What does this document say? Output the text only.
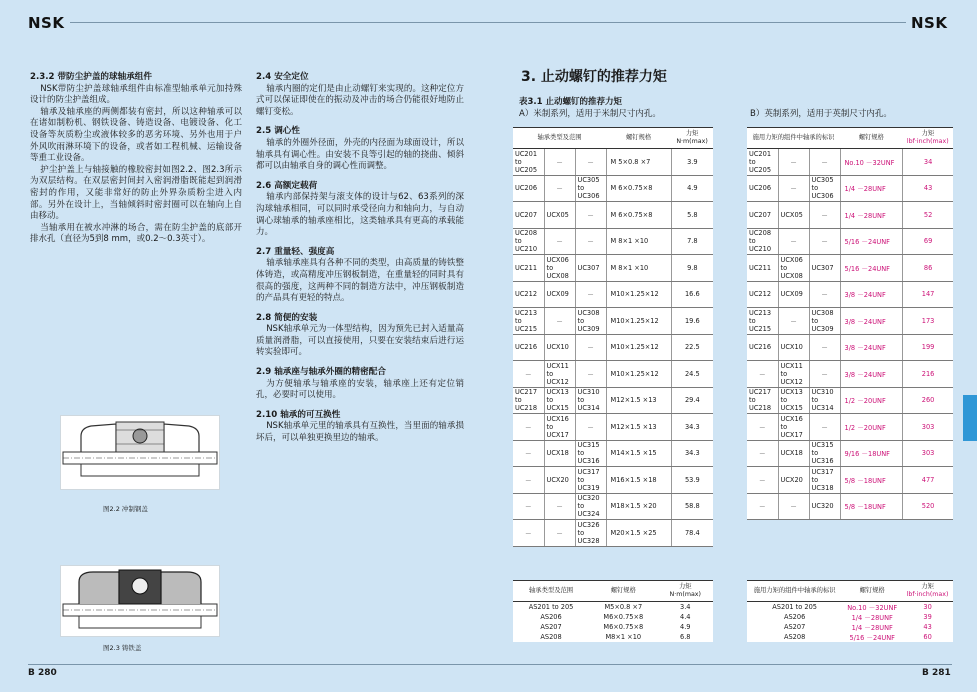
NSK	NSK
2.3.2 带防尘护盖的球轴承组件

NSK带防尘护盖球轴承组件由标准型轴承单元加持殊设计的防尘护盖组成。

轴承及轴承座的两侧都装有密封，所以这种轴承可以在诸如制粉机、钢铁设备、铸造设备、电镀设备、化工设备等灰质粉尘或液体较多的恶劣环境、另外也用于户外风吹雨淋环境下的设备，或者如工程机械、运输设备等重工业设备。

护尘护盖上与轴接触的橡胶密封如图2.2、图2.3所示为双层结构。在双层密封间封入密润滑脂既能起到润滑密封的作用，又能非常好的防止外界杂质粉尘进入内部。另外在设计上，当轴倾斜时密封圈可以在轴向上自由移动。

当轴承用在被水冲淋的场合，需在防尘护盖的底部开排水孔（直径为5到8 mm，或0.2～0.3英寸）。

图2.2 冲制钢盖
图2.3 铸铁盖
2.4 安全定位

轴承内圈的定们是由止动螺钉来实现的。这种定位方式可以保证即使在的振动及冲击的场合仍能很好地防止螺钉变松。

2.5 调心性

轴承的外圈外径面，外壳的内径面为球面设计，所以轴承具有调心性。由安装不良等引起的轴的挠曲、倾斜都可以由轴承自身的调心性而调整。

2.6 高额定载荷

轴承内部保持架与滚支体的设计与62、63系列的深沟球轴承相同，可以同时承受径向力和轴向力，与自动调心球轴承的轴承座相比，这类轴承具有更高的承载能力。

2.7 重量轻、强度高

轴承轴承座具有各种不同的类型，由高质量的铸铁整体铸造，或高精度冲压钢板制造，在重量轻的同时具有很高的强度，这两种不同的制造方法中，冲压钢板制造的产品具有更轻的特点。

2.8 简便的安装

NSK轴承单元为一体型结构，因为预先已封入适量高质量润滑脂，可以直接使用，只要在安装结束后进行运转实验即可。

2.9 轴承座与轴承外圈的精密配合

为方便轴承与轴承座的安装，轴承座上还有定位销孔，必要时可以使用。

2.10 轴承的可互换性

NSK轴承单元里的轴承具有互换性，当里面的轴承损坏后，可以单独更换里边的轴承。

3. 止动螺钉的推荐力矩
表3.1 止动螺钉的推荐力矩
A）米制系列，适用于米制尺寸内孔。	B）英制系列，适用于英制尺寸内孔。
轴承类型及范围			螺钉规格	力矩
N·m(max)

UC201 to
UC205	－	－	M 5×0.8 ×7	3.9
UC206	－	UC305 to
UC306	M 6×0.75×8	4.9
UC207	UCX05	－	M 6×0.75×8	5.8
UC208 to
UC210	－	－	M 8×1 ×10	7.8
UC211	UCX06 to
UCX08	UC307	M 8×1 ×10	9.8
UC212	UCX09	－	M10×1.25×12	16.6
UC213 to
UC215	－	UC308 to
UC309	M10×1.25×12	19.6
UC216	UCX10	－	M10×1.25×12	22.5
－	UCX11 to
UCX12	－	M10×1.25×12	24.5
UC217 to
UC218	UCX13 to
UCX15	UC310 to
UC314	M12×1.5 ×13	29.4
－	UCX16 to
UCX17	－	M12×1.5 ×13	34.3
－	UCX18	UC315 to
UC316	M14×1.5 ×15	34.3
－	UCX20	UC317 to
UC319	M16×1.5 ×18	53.9
－	－	UC320 to
UC324	M18×1.5 ×20	58.8
－	－	UC326 to
UC328	M20×1.5 ×25	78.4
施用力矩的组件中轴承的标识			螺钉规格	力矩
lbf·inch(max)

UC201 to
UC205	－	－	No.10 －32UNF	34
UC206	－	UC305 to
UC306	1/4 －28UNF	43
UC207	UCX05	－	1/4 －28UNF	52
UC208 to
UC210	－	－	5/16 －24UNF	69
UC211	UCX06 to
UCX08	UC307	5/16 －24UNF	86
UC212	UCX09	－	3/8 －24UNF	147
UC213 to
UC215	－	UC308 to
UC309	3/8 －24UNF	173
UC216	UCX10	－	3/8 －24UNF	199
－	UCX11 to
UCX12	－	3/8 －24UNF	216
UC217 to
UC218	UCX13 to
UCX15	UC310 to
UC314	1/2 －20UNF	260
－	UCX16 to
UCX17	－	1/2 －20UNF	303
－	UCX18	UC315 to
UC316	9/16 －18UNF	303
－	UCX20	UC317 to
UC318	5/8 －18UNF	477
－	－	UC320	5/8 －18UNF	520
轴承类型及范围	螺钉规格	力矩
N·m(max)

AS201 to 205	M5×0.8 ×7	3.4
AS206	M6×0.75×8	4.4
AS207	M6×0.75×8	4.9
AS208	M8×1 ×10	6.8
施用力矩的组件中轴承的标识	螺钉规格	力矩
lbf·inch(max)

AS201 to 205	No.10 －32UNF	30
AS206	1/4 －28UNF	39
AS207	1/4 －28UNF	43
AS208	5/16 －24UNF	60
B 280	B 281
